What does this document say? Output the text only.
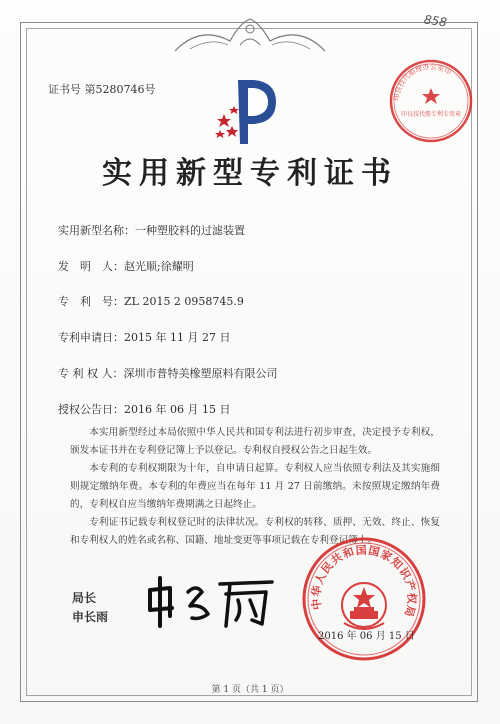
858
证书号 第5280746号
印良技代船理办公室印
印良技代船专利专用章
实用新型专利证书
实用新型名称：一种塑胶料的过滤装置
发　明　人：赵光顺;徐耀明
专　利　号：ZL 2015 2 0958745.9
专利申请日：2015 年 11 月 27 日
专 利 权 人：深圳市普特美橡塑原料有限公司
授权公告日：2016 年 06 月 15 日

本实用新型经过本局依照中华人民共和国专利法进行初步审查，决定授予专利权，颁发本证书并在专利登记簿上予以登记。专利权自授权公告之日起生效。

本专利的专利权期限为十年，自申请日起算。专利权人应当依照专利法及其实施细则规定缴纳年费。本专利的年费应当在每年 11 月 27 日前缴纳。未按照规定缴纳年费的，专利权自应当缴纳年费期满之日起终止。

专利证书记载专利权登记时的法律状况。专利权的转移、质押、无效、终止、恢复和专利权人的姓名或名称、国籍、地址变更等事项记载在专利登记簿上。

局长
申长雨
中华人民共和国国家知识产权局
2016 年 06 月 15 日
第 1 页（共 1 页）
